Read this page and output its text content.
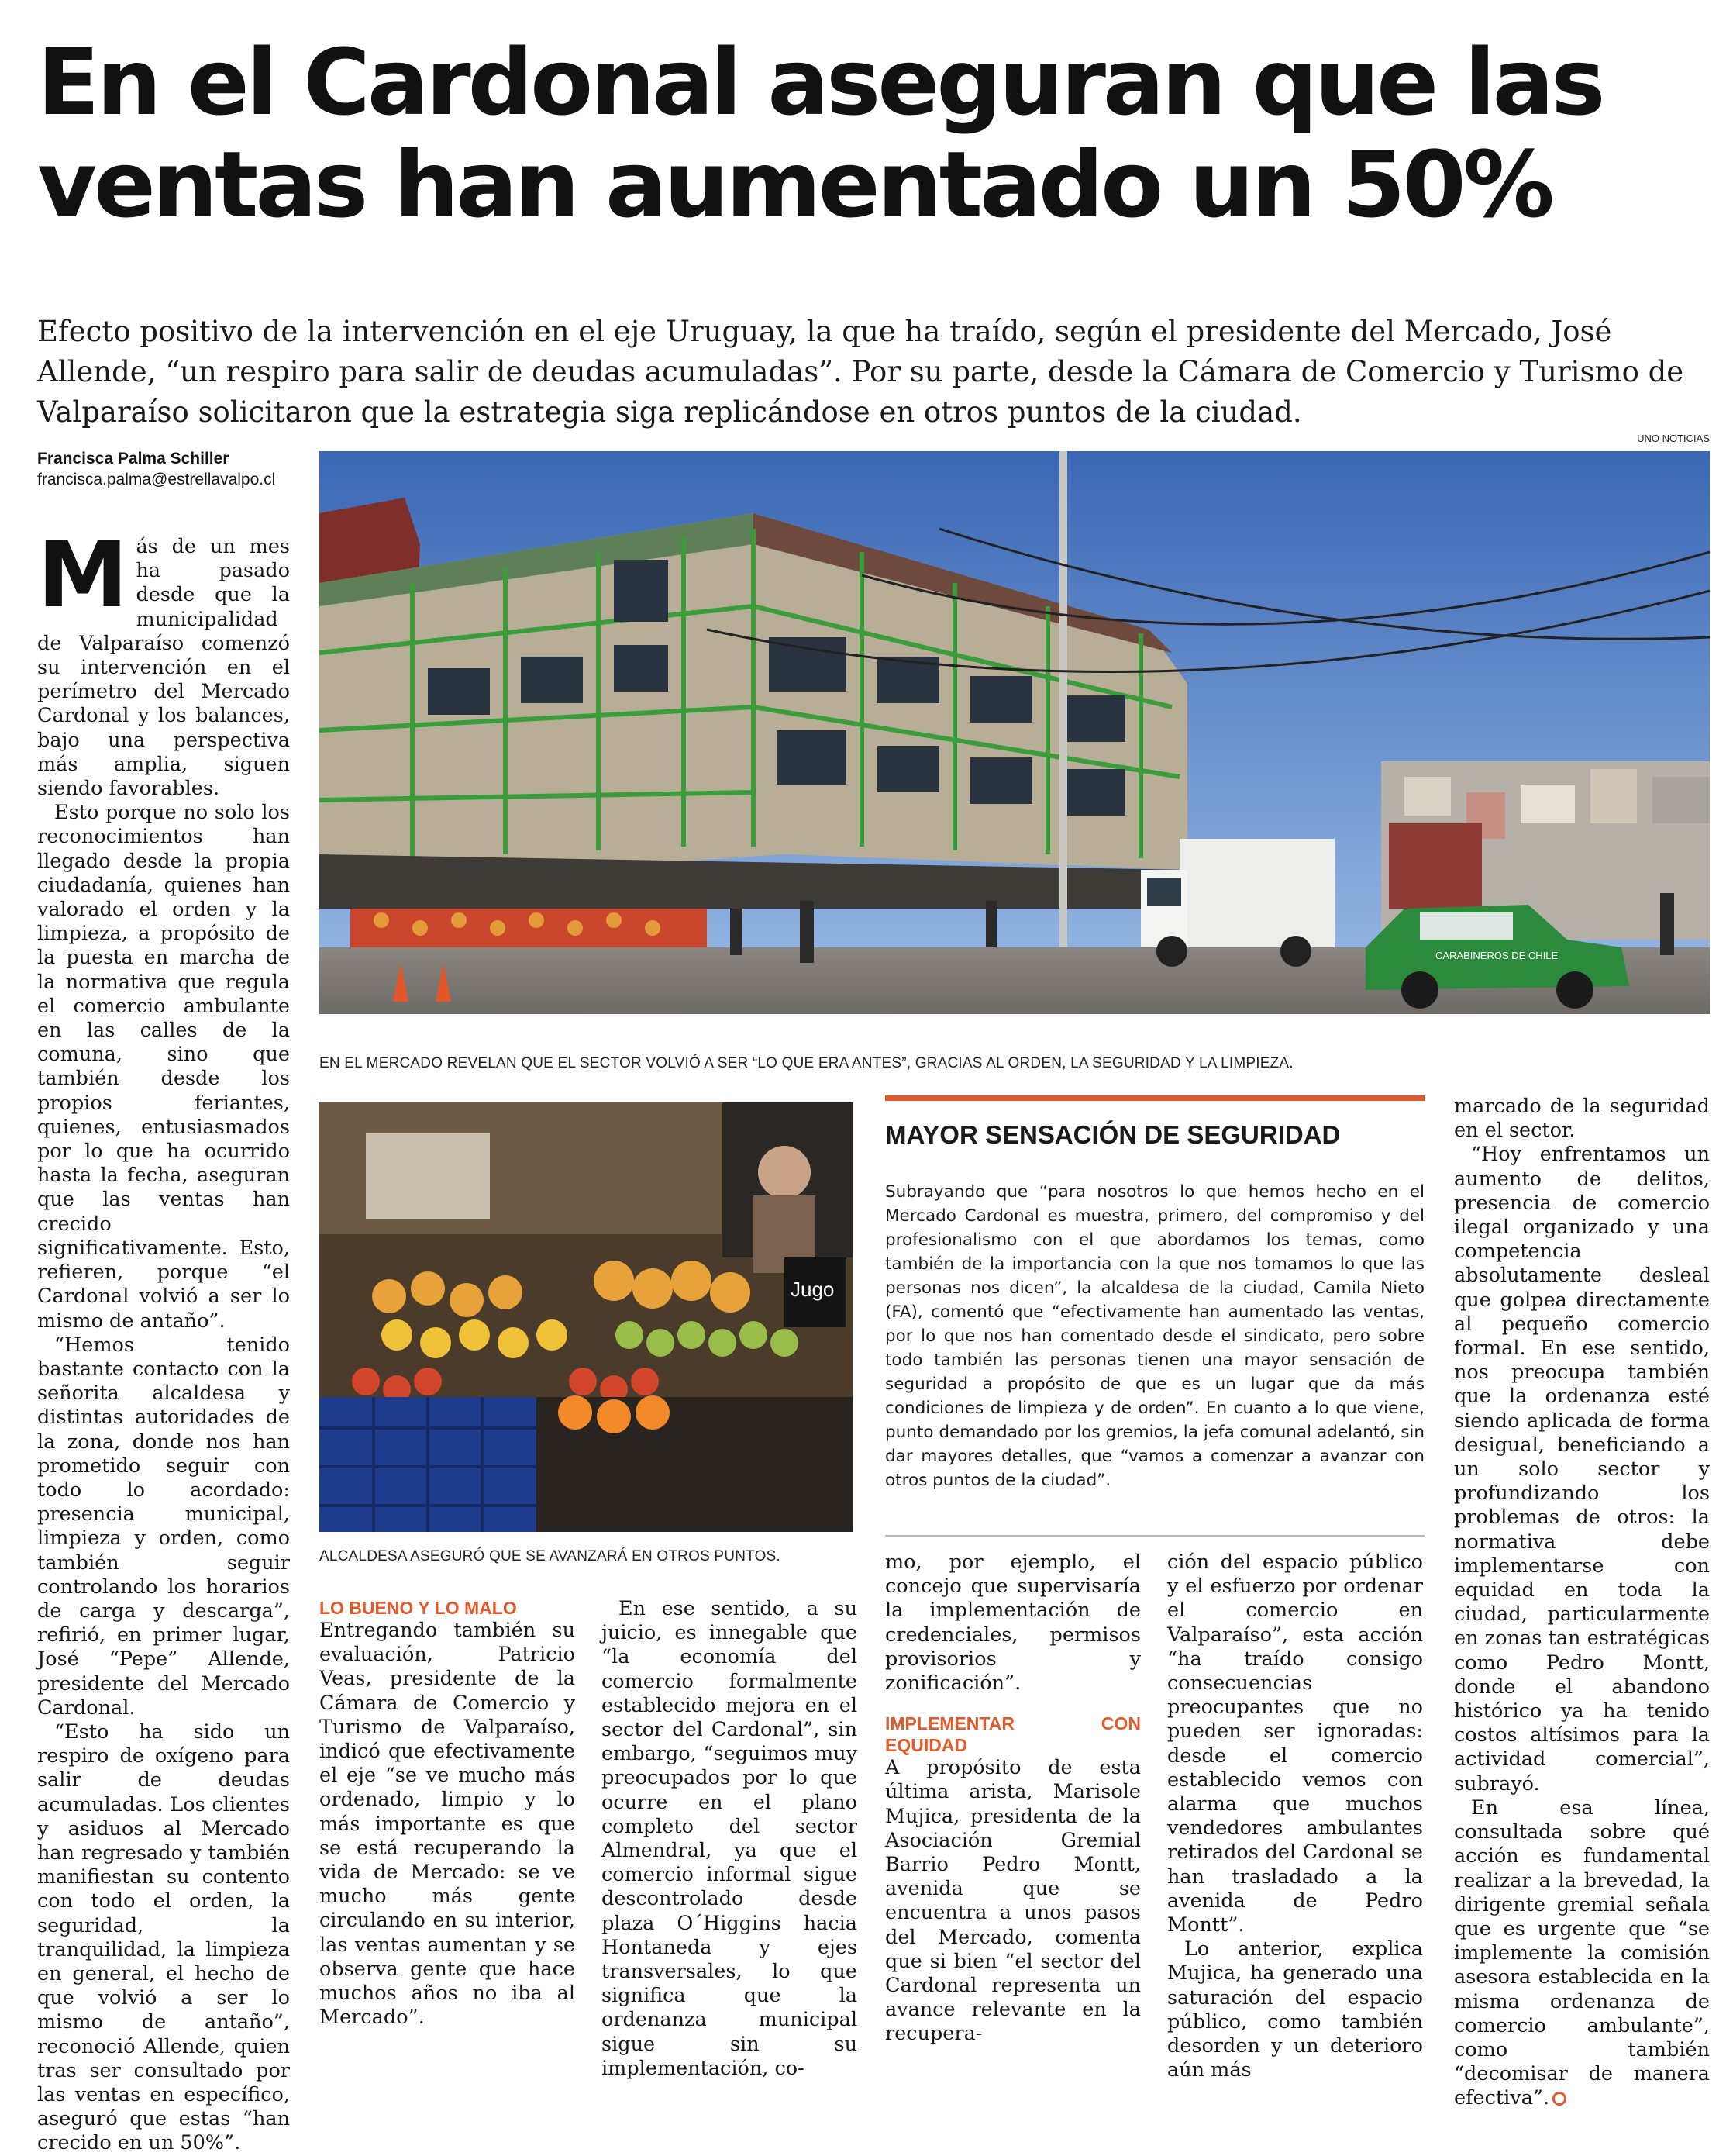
En el Cardonal aseguran que las ventas han aumentado un 50%
Efecto positivo de la intervención en el eje Uruguay, la que ha traído, según el presidente del Mercado, José Allende, “un respiro para salir de deudas acumuladas”. Por su parte, desde la Cámara de Comercio y Turismo de Valparaíso solicitaron que la estrategia siga replicándose en otros puntos de la ciudad.
Francisca Palma Schiller
francisca.palma@estrellavalpo.cl
UNO NOTICIAS
CARABINEROS DE CHILE
EN EL MERCADO REVELAN QUE EL SECTOR VOLVIÓ A SER “LO QUE ERA ANTES”, GRACIAS AL ORDEN, LA SEGURIDAD Y LA LIMPIEZA.
Jugo
ALCALDESA ASEGURÓ QUE SE AVANZARÁ EN OTROS PUNTOS.

Más de un mes ha pasado desde que la municipalidad de Valparaíso comenzó su intervención en el perímetro del Mercado Cardonal y los balances, bajo una perspectiva más amplia, siguen siendo favorables.

Esto porque no solo los reconocimientos han llegado desde la propia ciudadanía, quienes han valorado el orden y la limpieza, a propósito de la puesta en marcha de la normativa que regula el comercio ambulante en las calles de la comuna, sino que también desde los propios feriantes, quienes, entusiasmados por lo que ha ocurrido hasta la fecha, aseguran que las ventas han crecido significativamente. Esto, refieren, porque “el Cardonal volvió a ser lo mismo de antaño”.

“Hemos tenido bastante contacto con la señorita alcaldesa y distintas autoridades de la zona, donde nos han prometido seguir con todo lo acordado: presencia municipal, limpieza y orden, como también seguir controlando los horarios de carga y descarga”, refirió, en primer lugar, José “Pepe” Allende, presidente del Mercado Cardonal.

“Esto ha sido un respiro de oxígeno para salir de deudas acumuladas. Los clientes y asiduos al Mercado han regresado y también manifiestan su contento con todo el orden, la seguridad, la tranquilidad, la limpieza en general, el hecho de que volvió a ser lo mismo de antaño”, reconoció Allende, quien tras ser consultado por las ventas en específico, aseguró que estas “han crecido en un 50%”.

LO BUENO Y LO MALO

Entregando también su evaluación, Patricio Veas, presidente de la Cámara de Comercio y Turismo de Valparaíso, indicó que efectivamente el eje “se ve mucho más ordenado, limpio y lo más importante es que se está recuperando la vida de Mercado: se ve mucho más gente circulando en su interior, las ventas aumentan y se observa gente que hace muchos años no iba al Mercado”.

En ese sentido, a su juicio, es innegable que “la economía del comercio formalmente establecido mejora en el sector del Cardonal”, sin embargo, “seguimos muy preocupados por lo que ocurre en el plano completo del sector Almendral, ya que el comercio informal sigue descontrolado desde plaza O´Higgins hacia Hontaneda y ejes transversales, lo que significa que la ordenanza municipal sigue sin su implementación, co-

MAYOR SENSACIÓN DE SEGURIDAD
Subrayando que “para nosotros lo que hemos hecho en el Mercado Cardonal es muestra, primero, del compromiso y del profesionalismo con el que abordamos los temas, como también de la importancia con la que nos tomamos lo que las personas nos dicen”, la alcaldesa de la ciudad, Camila Nieto (FA), comentó que “efectivamente han aumentado las ventas, por lo que nos han comentado desde el sindicato, pero sobre todo también las personas tienen una mayor sensación de seguridad a propósito de que es un lugar que da más condiciones de limpieza y de orden”. En cuanto a lo que viene, punto demandado por los gremios, la jefa comunal adelantó, sin dar mayores detalles, que “vamos a comenzar a avanzar con otros puntos de la ciudad”.

mo, por ejemplo, el concejo que supervisaría la implementación de credenciales, permisos provisorios y zonificación”.

IMPLEMENTAR CON EQUIDAD

A propósito de esta última arista, Marisole Mujica, presidenta de la Asociación Gremial Barrio Pedro Montt, avenida que se encuentra a unos pasos del Mercado, comenta que si bien “el sector del Cardonal representa un avance relevante en la recupera-

ción del espacio público y el esfuerzo por ordenar el comercio en Valparaíso”, esta acción “ha traído consigo consecuencias preocupantes que no pueden ser ignoradas: desde el comercio establecido vemos con alarma que muchos vendedores ambulantes retirados del Cardonal se han trasladado a la avenida de Pedro Montt”.

Lo anterior, explica Mujica, ha generado una saturación del espacio público, como también desorden y un deterioro aún más

marcado de la seguridad en el sector.

“Hoy enfrentamos un aumento de delitos, presencia de comercio ilegal organizado y una competencia absolutamente desleal que golpea directamente al pequeño comercio formal. En ese sentido, nos preocupa también que la ordenanza esté siendo aplicada de forma desigual, beneficiando a un solo sector y profundizando los problemas de otros: la normativa debe implementarse con equidad en toda la ciudad, particularmente en zonas tan estratégicas como Pedro Montt, donde el abandono histórico ya ha tenido costos altísimos para la actividad comercial”, subrayó.

En esa línea, consultada sobre qué acción es fundamental realizar a la brevedad, la dirigente gremial señala que es urgente que “se implemente la comisión asesora establecida en la misma ordenanza de comercio ambulante”, como también “decomisar de manera efectiva”.
